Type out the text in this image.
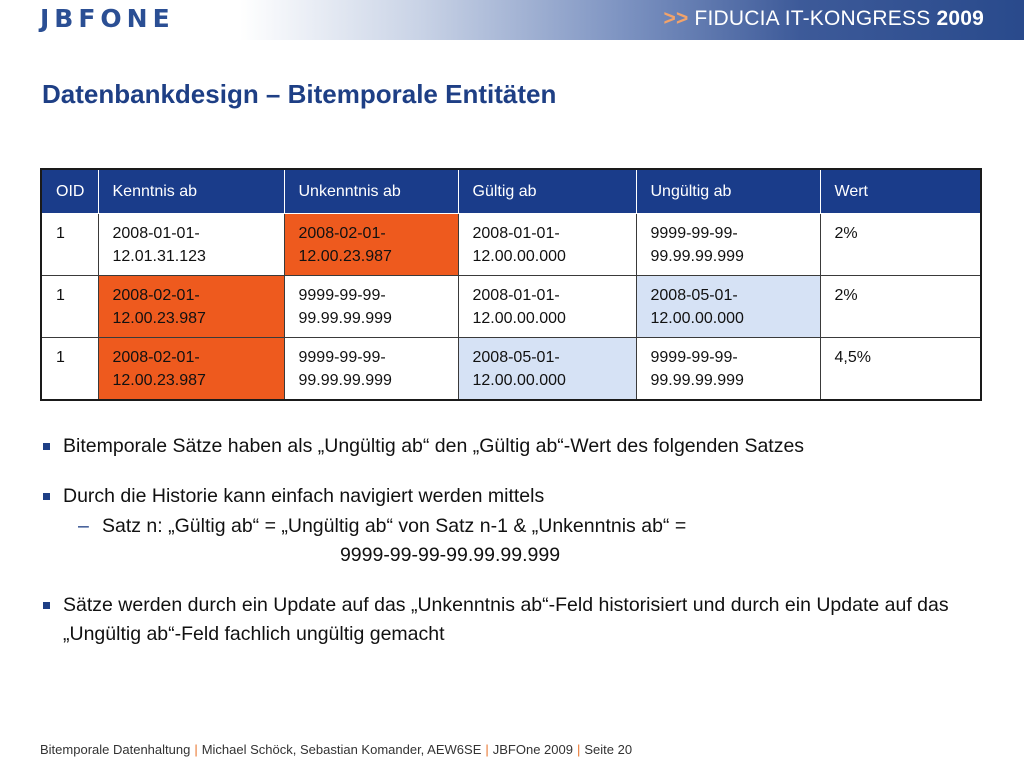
JBFONE	>> FIDUCIA IT-KONGRESS 2009
Datenbankdesign – Bitemporale Entitäten
OID	Kenntnis ab	Unkenntnis ab	Gültig ab	Ungültig ab	Wert
1	2008-01-01-12.01.31.123	2008-02-01-12.00.23.987	2008-01-01-12.00.00.000	9999-99-99-99.99.99.999	2%
1	2008-02-01-12.00.23.987	9999-99-99-99.99.99.999	2008-01-01-12.00.00.000	2008-05-01-12.00.00.000	2%
1	2008-02-01-12.00.23.987	9999-99-99-99.99.99.999	2008-05-01-12.00.00.000	9999-99-99-99.99.99.999	4,5%
Bitemporale Sätze haben als „Ungültig ab“ den „Gültig ab“-Wert des folgenden Satzes
Durch die Historie kann einfach navigiert werden mittels
– Satz n: „Gültig ab“ = „Ungültig ab“ von Satz n-1 & „Unkenntnis ab“ =
9999-99-99-99.99.99.999
Sätze werden durch ein Update auf das „Unkenntnis ab“-Feld historisiert und durch ein Update auf das „Ungültig ab“-Feld fachlich ungültig gemacht
Bitemporale Datenhaltung | Michael Schöck, Sebastian Komander, AEW6SE | JBFOne 2009 | Seite 20
